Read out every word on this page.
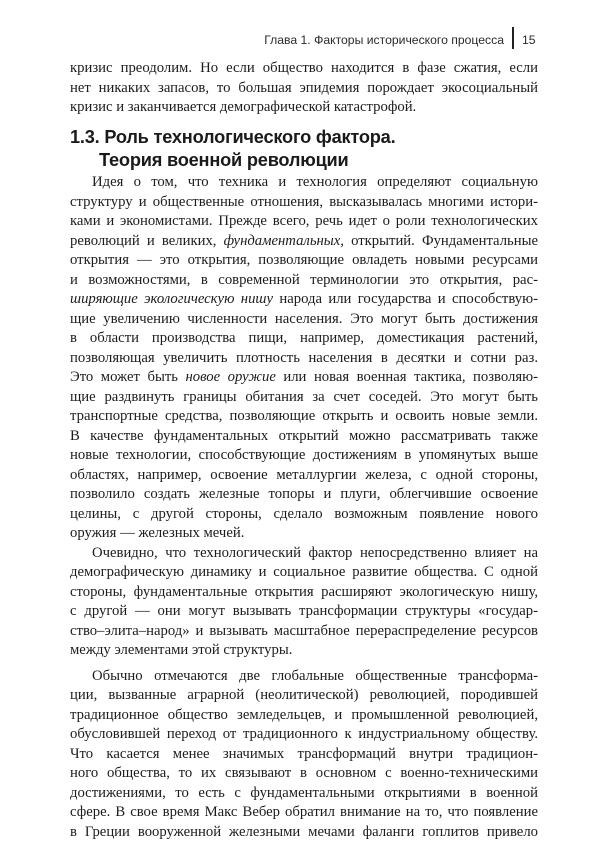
Глава 1. Факторы исторического процесса 15
кризис преодолим. Но если общество находится в фазе сжатия, если
нет никаких запасов, то большая эпидемия порождает экосоциальный
кризис и заканчивается демографической катастрофой.
1.3. Роль технологического фактора.
Теория военной революции
Идея о том, что техника и технология определяют социальную
структуру и общественные отношения, высказывалась многими истори-
ками и экономистами. Прежде всего, речь идет о роли технологических
революций и великих, фундаментальных, открытий. Фундаментальные
открытия — это открытия, позволяющие овладеть новыми ресурсами
и возможностями, в современной терминологии это открытия, рас-
ширяющие экологическую нишу народа или государства и способствую-
щие увеличению численности населения. Это могут быть достижения
в области производства пищи, например, доместикация растений,
позволяющая увеличить плотность населения в десятки и сотни раз.
Это может быть новое оружие или новая военная тактика, позволяю-
щие раздвинуть границы обитания за счет соседей. Это могут быть
транспортные средства, позволяющие открыть и освоить новые земли.
В качестве фундаментальных открытий можно рассматривать также
новые технологии, способствующие достижениям в упомянутых выше
областях, например, освоение металлургии железа, с одной стороны,
позволило создать железные топоры и плуги, облегчившие освоение
целины, с другой стороны, сделало возможным появление нового
оружия — железных мечей.
Очевидно, что технологический фактор непосредственно влияет на
демографическую динамику и социальное развитие общества. С одной
стороны, фундаментальные открытия расширяют экологическую нишу,
с другой — они могут вызывать трансформации структуры «государ-
ство–элита–народ» и вызывать масштабное перераспределение ресурсов
между элементами этой структуры.
Обычно отмечаются две глобальные общественные трансформа-
ции, вызванные аграрной (неолитической) революцией, породившей
традиционное общество земледельцев, и промышленной революцией,
обусловившей переход от традиционного к индустриальному обществу.
Что касается менее значимых трансформаций внутри традицион-
ного общества, то их связывают в основном с военно-техническими
достижениями, то есть с фундаментальными открытиями в военной
сфере. В свое время Макс Вебер обратил внимание на то, что появление
в Греции вооруженной железными мечами фаланги гоплитов привело
